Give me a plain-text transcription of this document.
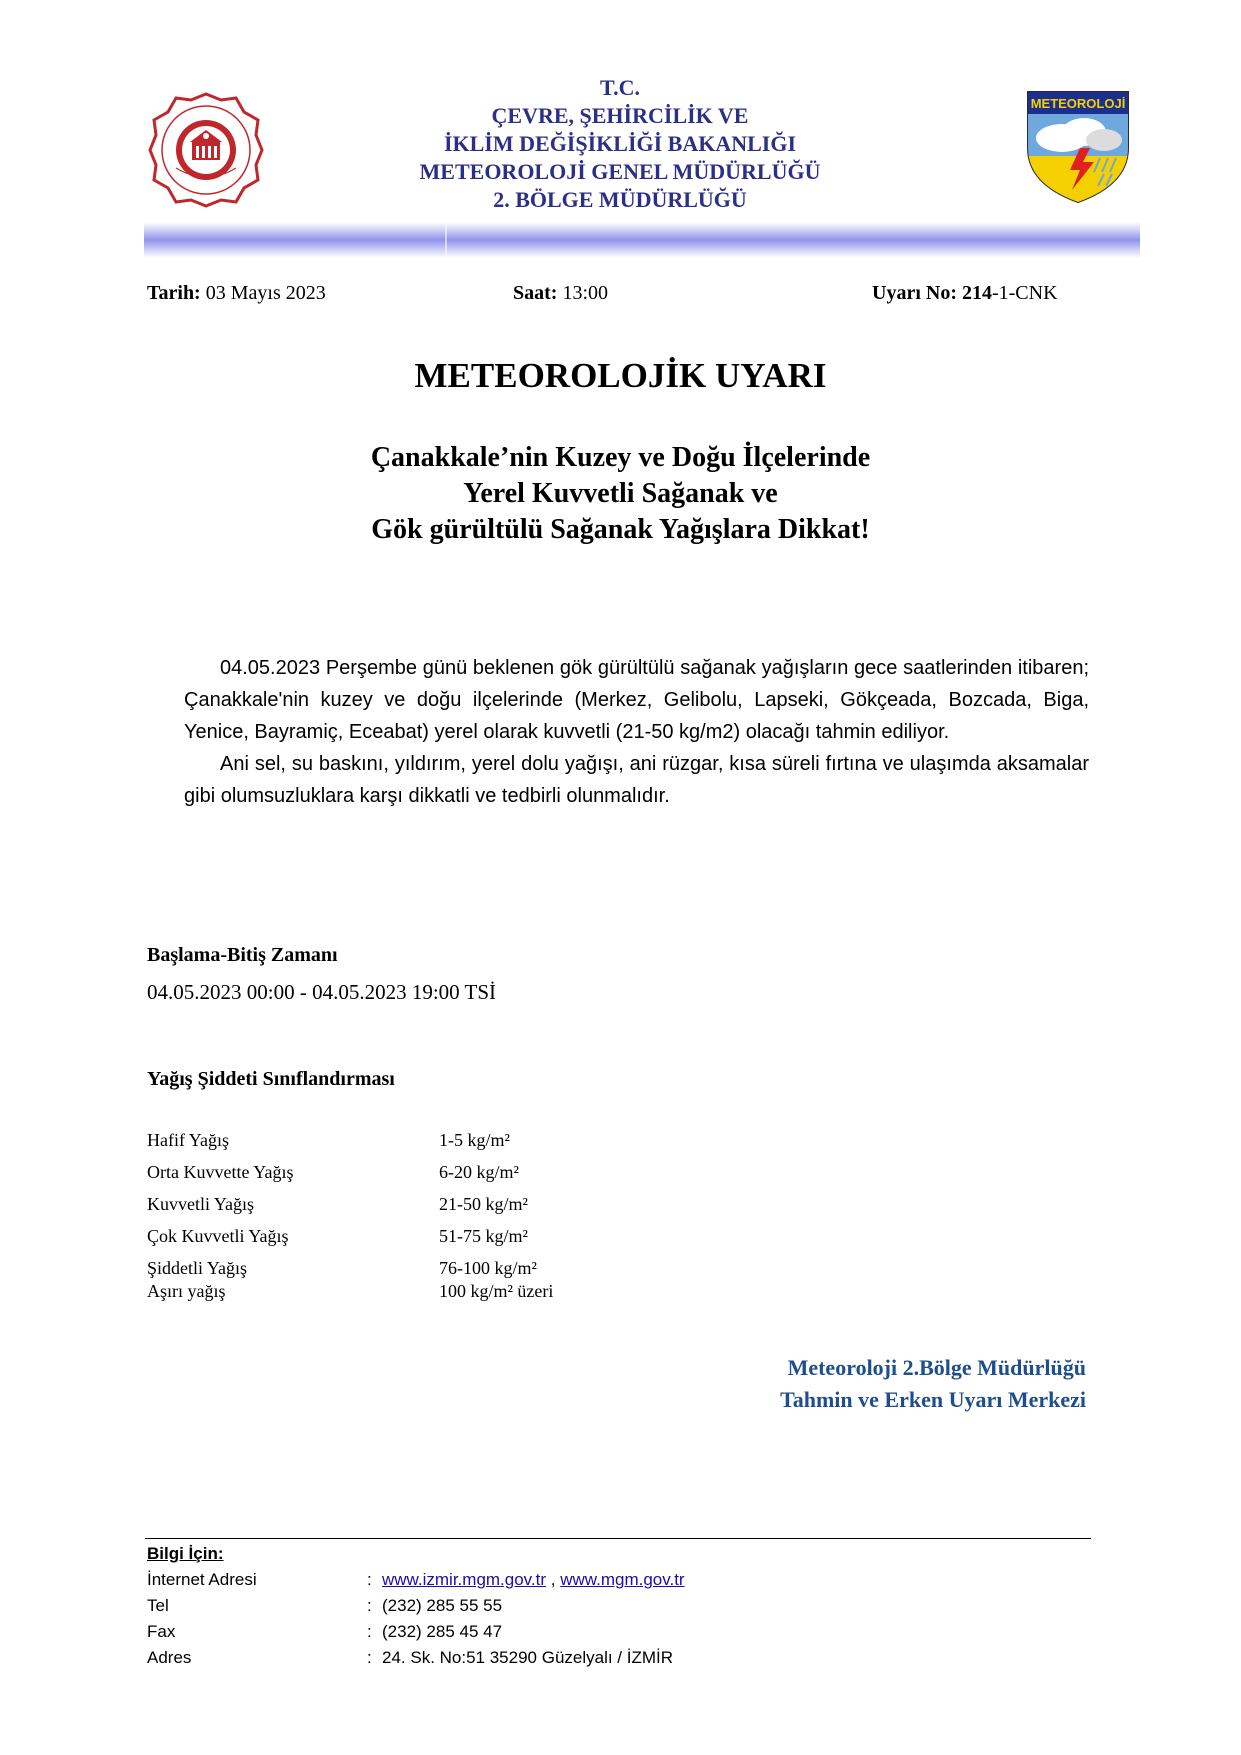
T.C.
ÇEVRE, ŞEHİRCİLİK VE
İKLİM DEĞİŞİKLİĞİ BAKANLIĞI
METEOROLOJİ GENEL MÜDÜRLÜĞÜ
2. BÖLGE MÜDÜRLÜĞÜ
METEOROLOJİ
Tarih: 03 Mayıs 2023	Saat: 13:00	Uyarı No: 214-1-CNK
METEOROLOJİK UYARI
Çanakkale’nin Kuzey ve Doğu İlçelerinde
Yerel Kuvvetli Sağanak ve
Gök gürültülü Sağanak Yağışlara Dikkat!

04.05.2023 Perşembe günü beklenen gök gürültülü sağanak yağışların gece saatlerinden itibaren; Çanakkale'nin kuzey ve doğu ilçelerinde (Merkez, Gelibolu, Lapseki, Gökçeada, Bozcada, Biga, Yenice, Bayramiç, Eceabat) yerel olarak kuvvetli (21-50 kg/m2) olacağı tahmin ediliyor.

Ani sel, su baskını, yıldırım, yerel dolu yağışı, ani rüzgar, kısa süreli fırtına ve ulaşımda aksamalar gibi olumsuzluklara karşı dikkatli ve tedbirli olunmalıdır.

Başlama-Bitiş Zamanı
04.05.2023 00:00 - 04.05.2023 19:00 TSİ
Yağış Şiddeti Sınıflandırması
Hafif Yağış	1-5 kg/m²
Orta Kuvvette Yağış	6-20 kg/m²
Kuvvetli Yağış	21-50 kg/m²
Çok Kuvvetli Yağış	51-75 kg/m²
Şiddetli Yağış	76-100 kg/m²
Aşırı yağış	100 kg/m² üzeri
Meteoroloji 2.Bölge Müdürlüğü
Tahmin ve Erken Uyarı Merkezi
Bilgi İçin:
İnternet Adresi	: www.izmir.mgm.gov.tr , www.mgm.gov.tr
Tel	: (232) 285 55 55
Fax	: (232) 285 45 47
Adres	: 24. Sk. No:51 35290 Güzelyalı / İZMİR
